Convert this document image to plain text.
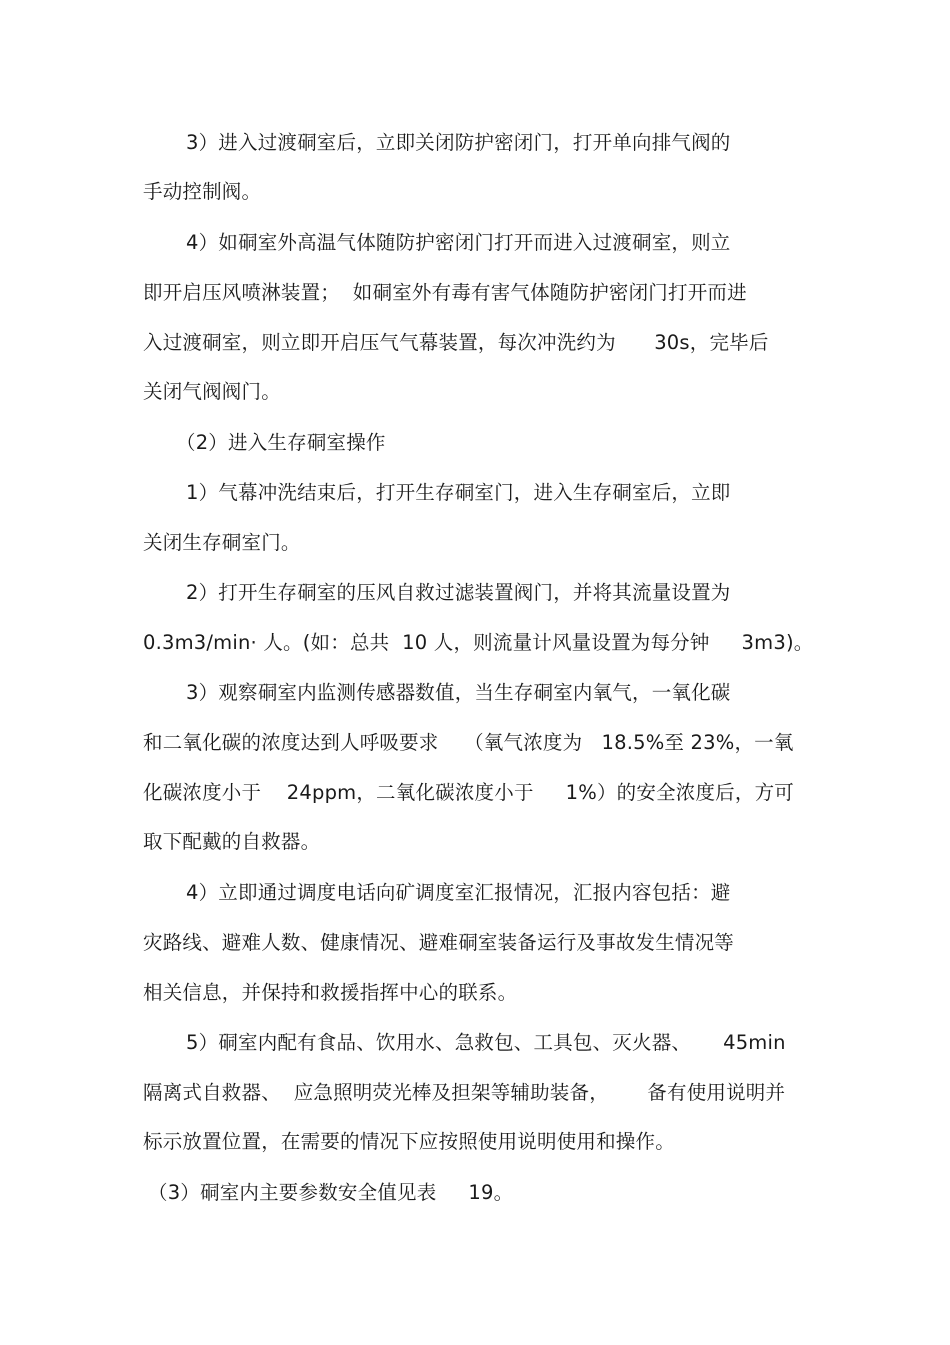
3）进入过渡硐室后，立即关闭防护密闭门，打开单向排气阀的
手动控制阀。
4）如硐室外高温气体随防护密闭门打开而进入过渡硐室，则立
即开启压风喷淋装置；  如硐室外有毒有害气体随防护密闭门打开而进
入过渡硐室，则立即开启压气气幕装置，每次冲洗约为      30s，完毕后
关闭气阀阀门。
（2）进入生存硐室操作
1）气幕冲洗结束后，打开生存硐室门，进入生存硐室后，立即
关闭生存硐室门。
2）打开生存硐室的压风自救过滤装置阀门，并将其流量设置为
0.3m3/min· 人。(如：总共  10 人，则流量计风量设置为每分钟     3m3)。
3）观察硐室内监测传感器数值，当生存硐室内氧气，一氧化碳
和二氧化碳的浓度达到人呼吸要求    （氧气浓度为   18.5%至 23%，一氧
化碳浓度小于    24ppm，二氧化碳浓度小于     1%）的安全浓度后，方可
取下配戴的自救器。
4）立即通过调度电话向矿调度室汇报情况，汇报内容包括：避
灾路线、避难人数、健康情况、避难硐室装备运行及事故发生情况等
相关信息，并保持和救援指挥中心的联系。
5）硐室内配有食品、饮用水、急救包、工具包、灭火器、     45min
隔离式自救器、  应急照明荧光棒及担架等辅助装备，      备有使用说明并
标示放置位置，在需要的情况下应按照使用说明使用和操作。
（3）硐室内主要参数安全值见表     19。
